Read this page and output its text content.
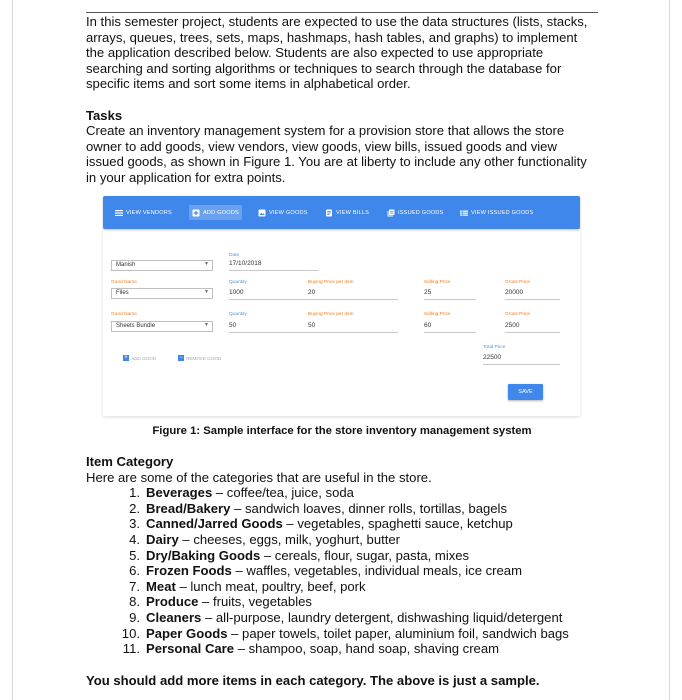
In this semester project, students are expected to use the data structures (lists, stacks,
arrays, queues, trees, sets, maps, hashmaps, hash tables, and graphs) to implement
the application described below. Students are also expected to use appropriate
searching and sorting algorithms or techniques to search through the database for
specific items and sort some items in alphabetical order.

Tasks

Create an inventory management system for a provision store that allows the store
owner to add goods, view vendors, view goods, view bills, issued goods and view
issued goods, as shown in Figure 1. You are at liberty to include any other functionality
in your application for extra points.

Date
17/10/2018
Manish	▼
Good Name
Files	▼
Quantity
1000
Buying Price per item
20
Selling Price
25
Gross Price
20000
Good Name
Sheets Bundle	▼
Quantity
50
Buying Price per item
50
Selling Price
60
Gross Price
2500
+ ADD GOOD	− REMOVE GOOD
Total Price
22500
SAVE
VIEW VENDORS	ADD GOODS	VIEW GOODS	VIEW BILLS	ISSUED GOODS	VIEW ISSUED GOODS
Figure 1: Sample interface for the store inventory management system

Item Category

Here are some of the categories that are useful in the store.

1. Beverages – coffee/tea, juice, soda
2. Bread/Bakery – sandwich loaves, dinner rolls, tortillas, bagels
3. Canned/Jarred Goods – vegetables, spaghetti sauce, ketchup
4. Dairy – cheeses, eggs, milk, yoghurt, butter
5. Dry/Baking Goods – cereals, flour, sugar, pasta, mixes
6. Frozen Foods – waffles, vegetables, individual meals, ice cream
7. Meat – lunch meat, poultry, beef, pork
8. Produce – fruits, vegetables
9. Cleaners – all-purpose, laundry detergent, dishwashing liquid/detergent
10. Paper Goods – paper towels, toilet paper, aluminium foil, sandwich bags
11. Personal Care – shampoo, soap, hand soap, shaving cream
You should add more items in each category. The above is just a sample.
